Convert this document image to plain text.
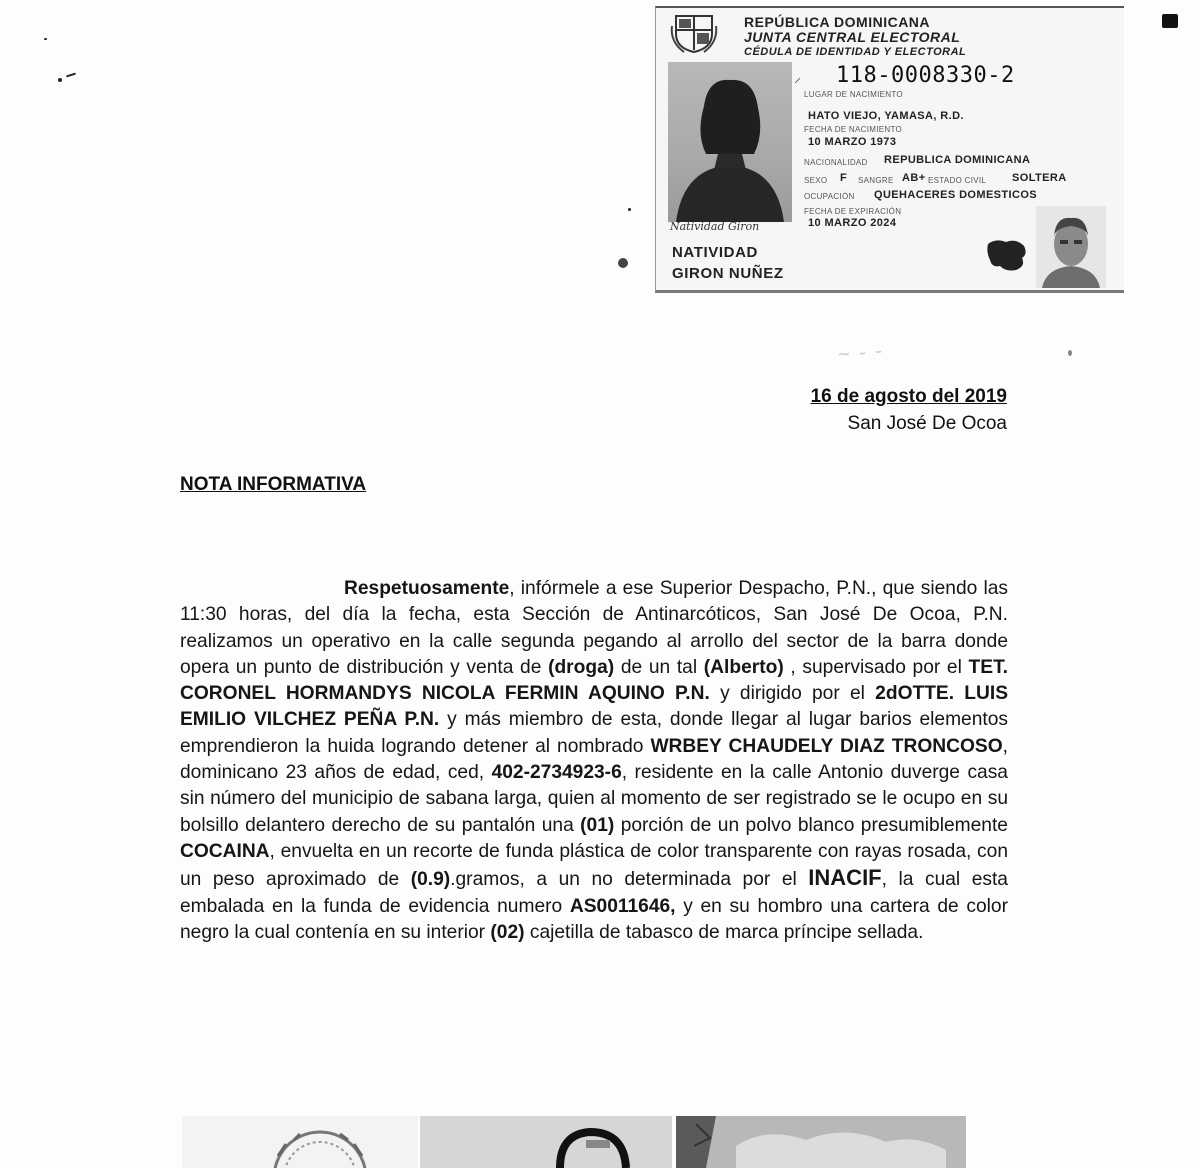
REPÚBLICA DOMINICANA
JUNTA CENTRAL ELECTORAL
CÉDULA DE IDENTIDAD Y ELECTORAL
Natividad Giron
NATIVIDAD
GIRON NUÑEZ
⸝ 118-0008330-2
LUGAR DE NACIMIENTO
HATO VIEJO, YAMASA, R.D.
FECHA DE NACIMIENTO
10 MARZO 1973
NACIONALIDAD REPUBLICA DOMINICANA
SEXO F SANGRE AB+ ESTADO CIVIL SOLTERA
OCUPACIÓN QUEHACERES DOMESTICOS
FECHA DE EXPIRACIÓN
10 MARZO 2024
~ - -
16 de agosto del 2019
San José De Ocoa
NOTA INFORMATIVA
Respetuosamente, infórmele a ese Superior Despacho, P.N., que siendo las 11:30 horas, del día la fecha, esta Sección de Antinarcóticos, San José De Ocoa, P.N. realizamos un operativo en la calle segunda pegando al arrollo del sector de la barra donde opera un punto de distribución y venta de (droga) de un tal (Alberto) , supervisado por el TET. CORONEL HORMANDYS NICOLA FERMIN AQUINO P.N. y dirigido por el 2dOTTE. LUIS EMILIO VILCHEZ PEÑA P.N. y más miembro de esta, donde llegar al lugar barios elementos emprendieron la huida logrando detener al nombrado WRBEY CHAUDELY DIAZ TRONCOSO, dominicano 23 años de edad, ced, 402-2734923-6, residente en la calle Antonio duverge casa sin número del municipio de sabana larga, quien al momento de ser registrado se le ocupo en su bolsillo delantero derecho de su pantalón una (01) porción de un polvo blanco presumiblemente COCAINA, envuelta en un recorte de funda plástica de color transparente con rayas rosada, con un peso aproximado de (0.9).gramos, a un no determinada por el INACIF, la cual esta embalada en la funda de evidencia numero AS0011646, y en su hombro una cartera de color negro la cual contenía en su interior (02) cajetilla de tabasco de marca príncipe sellada.
